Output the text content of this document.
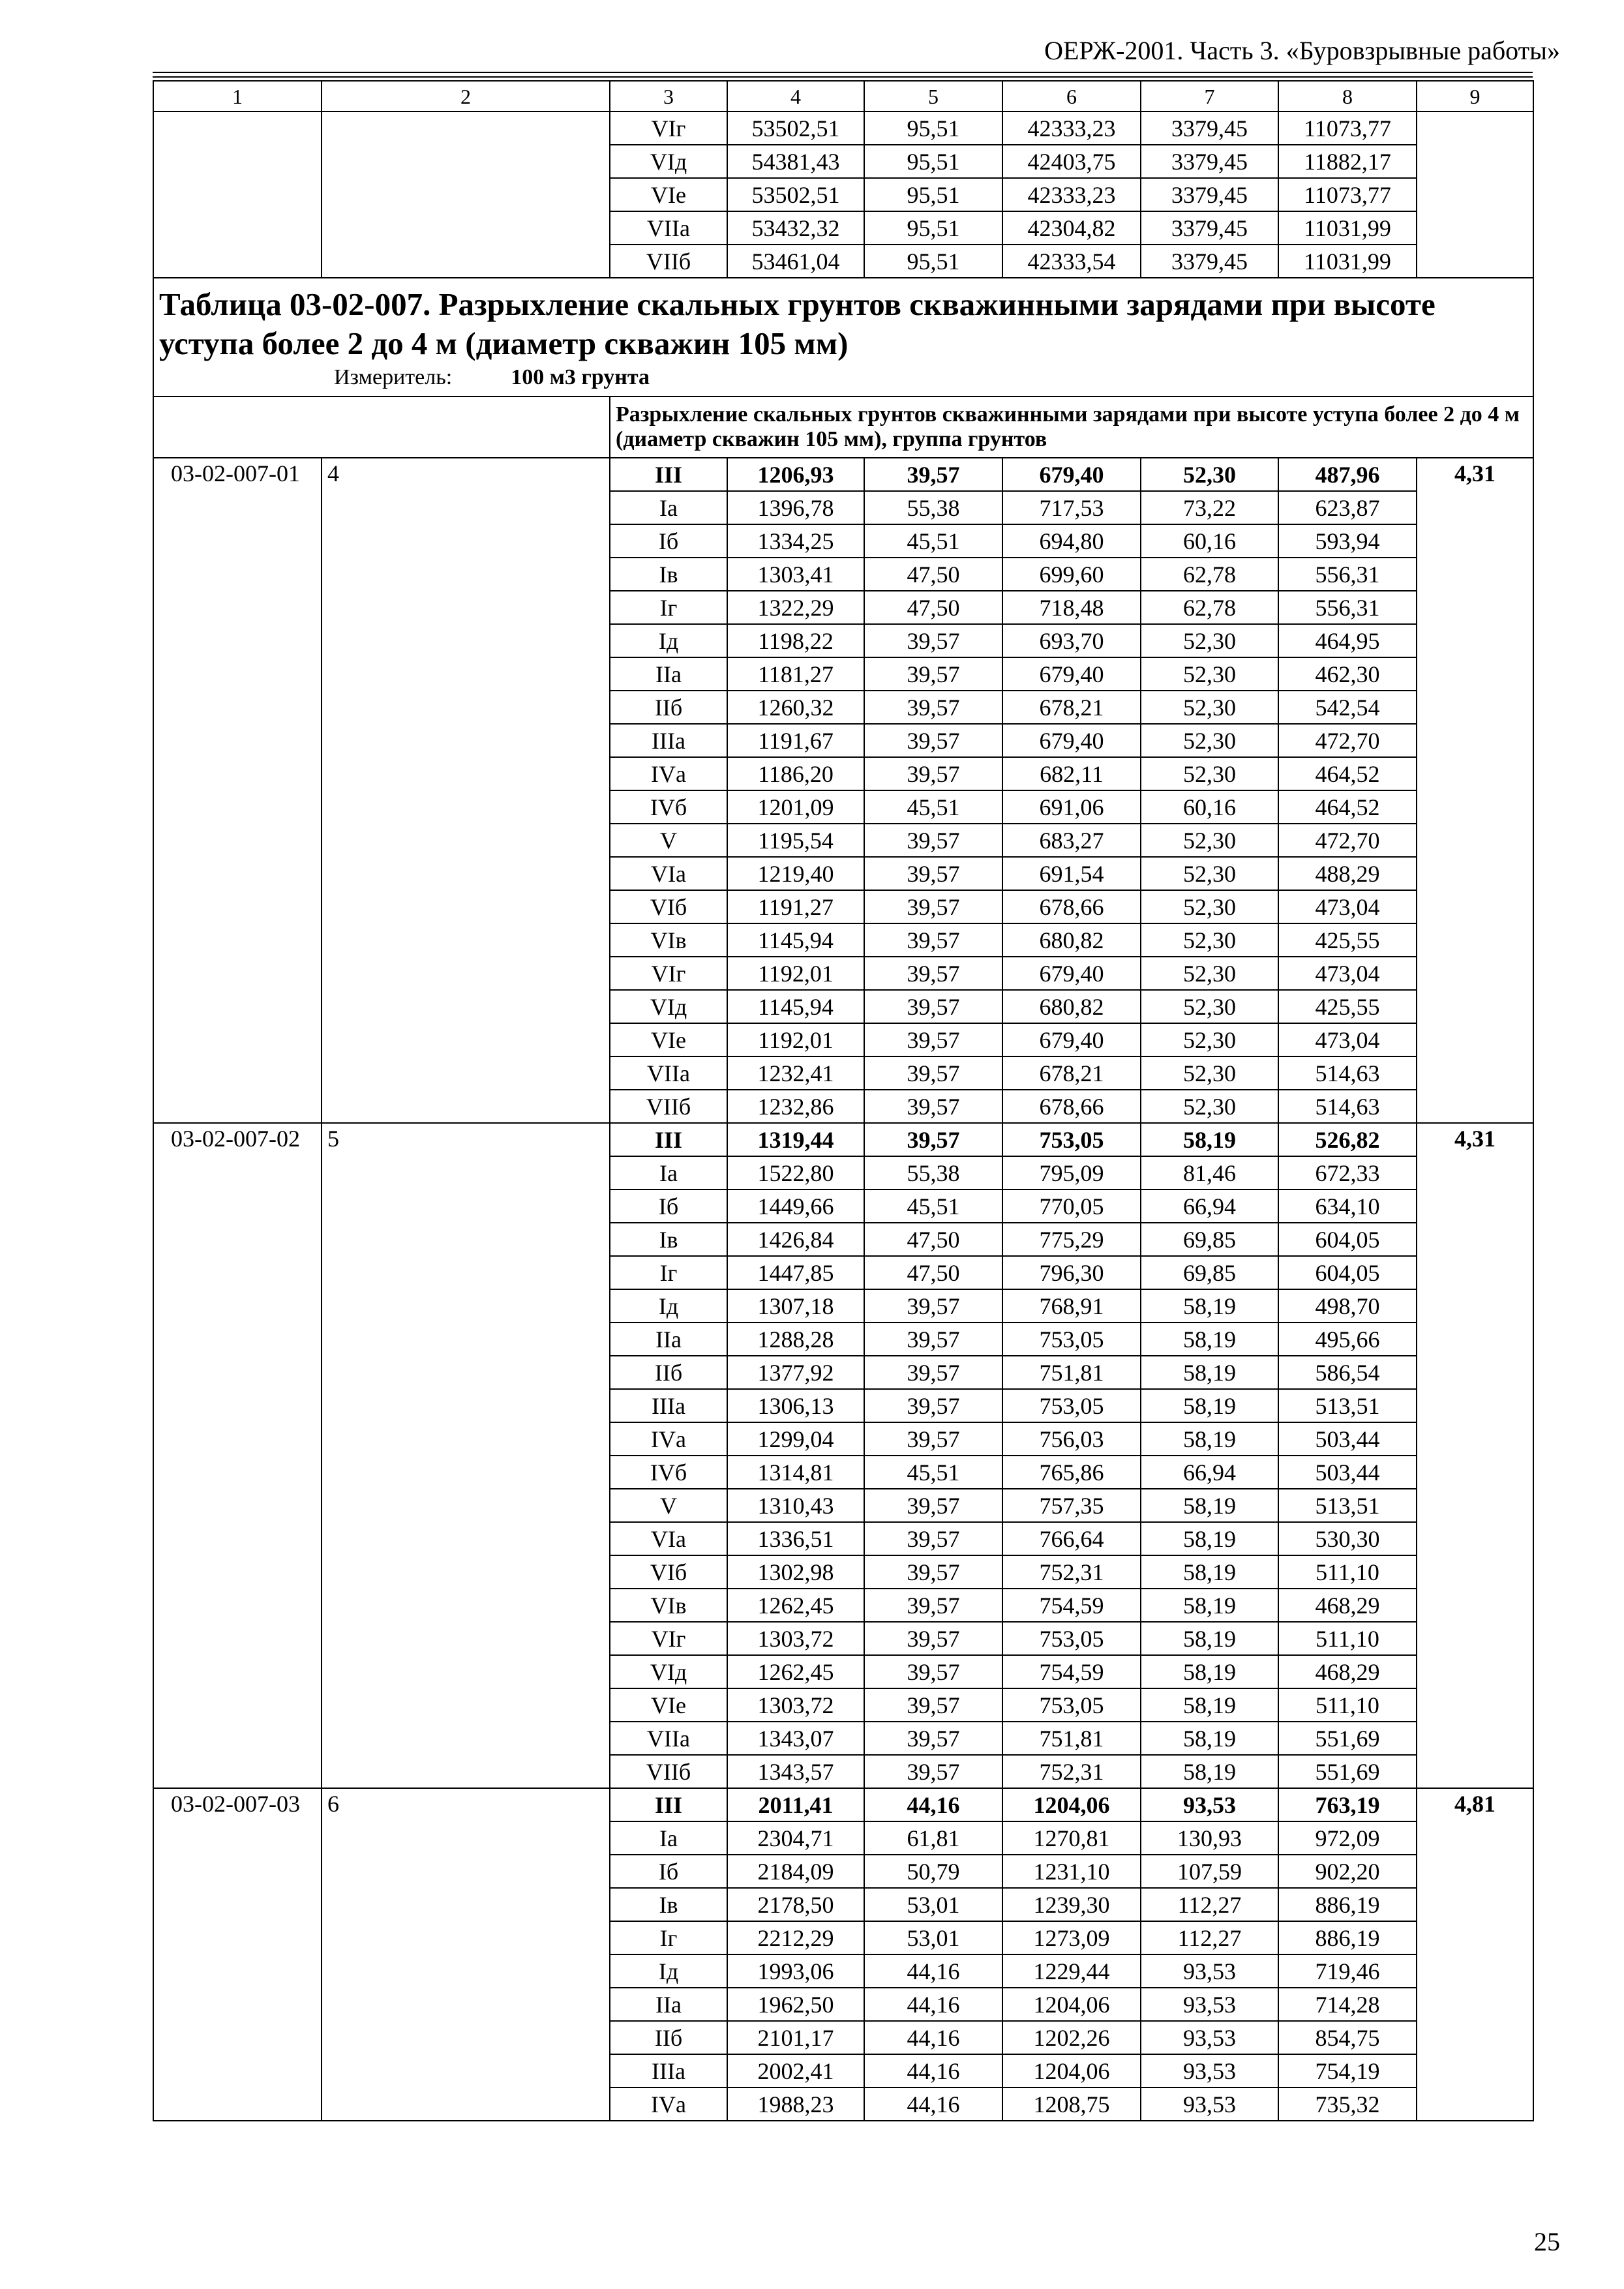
ОЕРЖ-2001. Часть 3. «Буровзрывные работы»
1	2	3	4	5	6	7	8	9
		VIг	53502,51	95,51	42333,23	3379,45	11073,77	
		VIд	54381,43	95,51	42403,75	3379,45	11882,17	
		VIе	53502,51	95,51	42333,23	3379,45	11073,77	
		VIIа	53432,32	95,51	42304,82	3379,45	11031,99	
		VIIб	53461,04	95,51	42333,54	3379,45	11031,99	

Таблица 03-02-007. Разрыхление скальных грунтов скважинными зарядами при высоте уступа более 2 до 4 м (диаметр скважин 105 мм)
Измеритель: 100 м3 грунта								

		Разрыхление скальных грунтов скважинными зарядами при высоте уступа более 2 до 4 м (диаметр скважин 105 мм), группа грунтов						
03-02-007-01	4	III	1206,93	39,57	679,40	52,30	487,96	4,31
		Iа	1396,78	55,38	717,53	73,22	623,87	
		Iб	1334,25	45,51	694,80	60,16	593,94	
		Iв	1303,41	47,50	699,60	62,78	556,31	
		Iг	1322,29	47,50	718,48	62,78	556,31	
		Iд	1198,22	39,57	693,70	52,30	464,95	
		IIа	1181,27	39,57	679,40	52,30	462,30	
		IIб	1260,32	39,57	678,21	52,30	542,54	
		IIIа	1191,67	39,57	679,40	52,30	472,70	
		IVа	1186,20	39,57	682,11	52,30	464,52	
		IVб	1201,09	45,51	691,06	60,16	464,52	
		V	1195,54	39,57	683,27	52,30	472,70	
		VIа	1219,40	39,57	691,54	52,30	488,29	
		VIб	1191,27	39,57	678,66	52,30	473,04	
		VIв	1145,94	39,57	680,82	52,30	425,55	
		VIг	1192,01	39,57	679,40	52,30	473,04	
		VIд	1145,94	39,57	680,82	52,30	425,55	
		VIе	1192,01	39,57	679,40	52,30	473,04	
		VIIа	1232,41	39,57	678,21	52,30	514,63	
		VIIб	1232,86	39,57	678,66	52,30	514,63	
03-02-007-02	5	III	1319,44	39,57	753,05	58,19	526,82	4,31
		Iа	1522,80	55,38	795,09	81,46	672,33	
		Iб	1449,66	45,51	770,05	66,94	634,10	
		Iв	1426,84	47,50	775,29	69,85	604,05	
		Iг	1447,85	47,50	796,30	69,85	604,05	
		Iд	1307,18	39,57	768,91	58,19	498,70	
		IIа	1288,28	39,57	753,05	58,19	495,66	
		IIб	1377,92	39,57	751,81	58,19	586,54	
		IIIа	1306,13	39,57	753,05	58,19	513,51	
		IVа	1299,04	39,57	756,03	58,19	503,44	
		IVб	1314,81	45,51	765,86	66,94	503,44	
		V	1310,43	39,57	757,35	58,19	513,51	
		VIа	1336,51	39,57	766,64	58,19	530,30	
		VIб	1302,98	39,57	752,31	58,19	511,10	
		VIв	1262,45	39,57	754,59	58,19	468,29	
		VIг	1303,72	39,57	753,05	58,19	511,10	
		VIд	1262,45	39,57	754,59	58,19	468,29	
		VIе	1303,72	39,57	753,05	58,19	511,10	
		VIIа	1343,07	39,57	751,81	58,19	551,69	
		VIIб	1343,57	39,57	752,31	58,19	551,69	
03-02-007-03	6	III	2011,41	44,16	1204,06	93,53	763,19	4,81
		Iа	2304,71	61,81	1270,81	130,93	972,09	
		Iб	2184,09	50,79	1231,10	107,59	902,20	
		Iв	2178,50	53,01	1239,30	112,27	886,19	
		Iг	2212,29	53,01	1273,09	112,27	886,19	
		Iд	1993,06	44,16	1229,44	93,53	719,46	
		IIа	1962,50	44,16	1204,06	93,53	714,28	
		IIб	2101,17	44,16	1202,26	93,53	854,75	
		IIIа	2002,41	44,16	1204,06	93,53	754,19	
		IVа	1988,23	44,16	1208,75	93,53	735,32	
25
